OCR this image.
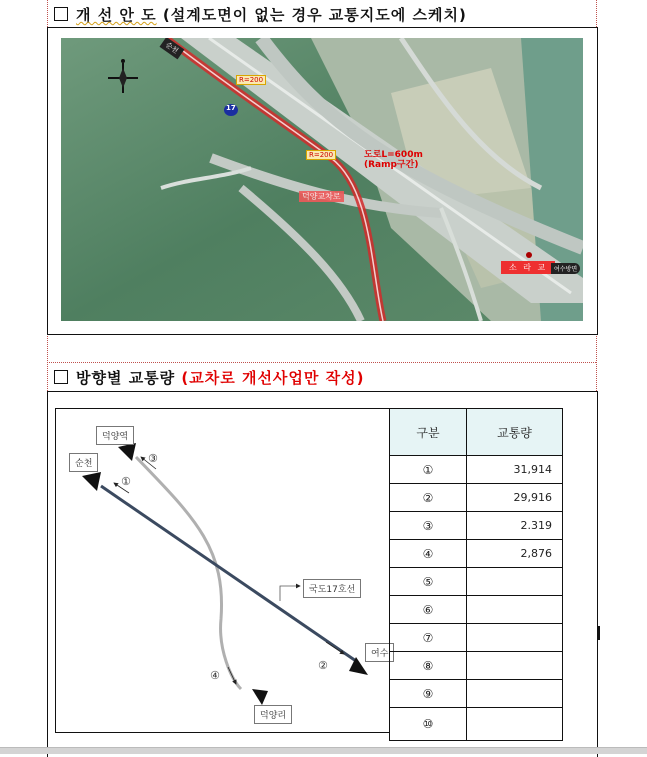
개 선 안 도 (설계도면이 없는 경우 교통지도에 스케치)
17
순천
R=200
R=200	도로L=600m
(Ramp구간)
덕양교차로
소 라 교	여수방면
방향별 교통량 (교차로 개선사업만 작성)
덕양역
순천
국도17호선
여수
덕양리
③
①
②
④
구분	교통량
①	31,914
②	29,916
③	2.319
④	2,876
⑤	
⑥	
⑦	
⑧	
⑨	
⑩	
